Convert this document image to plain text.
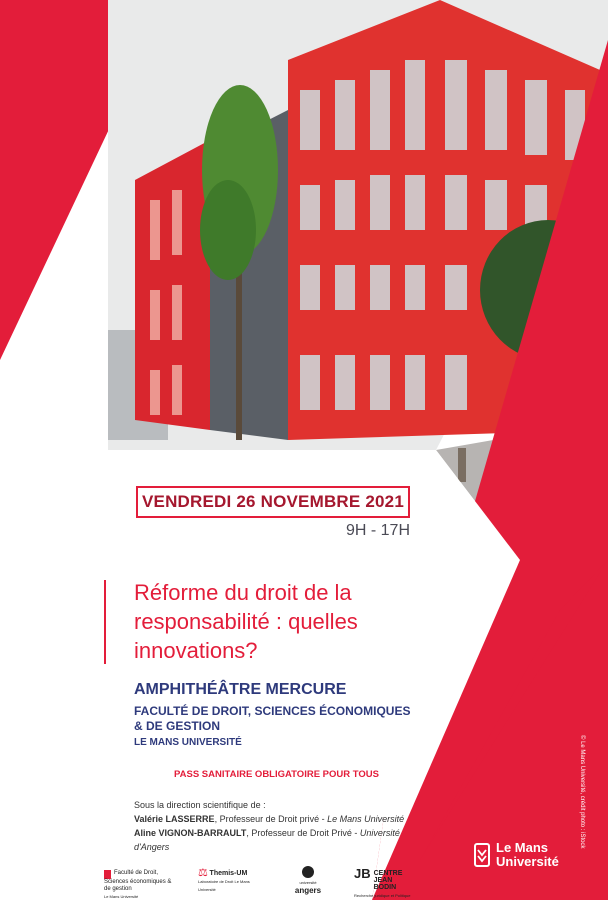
VENDREDI 26 NOVEMBRE 2021
9H - 17H
Réforme du droit de la responsabilité : quelles innovations?
AMPHITHÉÂTRE MERCURE
FACULTÉ DE DROIT, SCIENCES ÉCONOMIQUES & DE GESTION
LE MANS UNIVERSITÉ
PASS SANITAIRE OBLIGATOIRE POUR TOUS
Sous la direction scientifique de :
Valérie LASSERRE, Professeur de Droit privé - Le Mans Université
Aline VIGNON-BARRAULT, Professeur de Droit Privé - Université d'Angers	© Le Mans Université, crédit photo : iStock
Le Mans
Université
Faculté de Droit, Sciences économiques & de gestion
Le Mans Université
⚖ Themis-UM
Laboratoire de Droit Le Mans Université
université
angers
JB CENTRE JEAN BODIN
Recherche juridique et Politique
